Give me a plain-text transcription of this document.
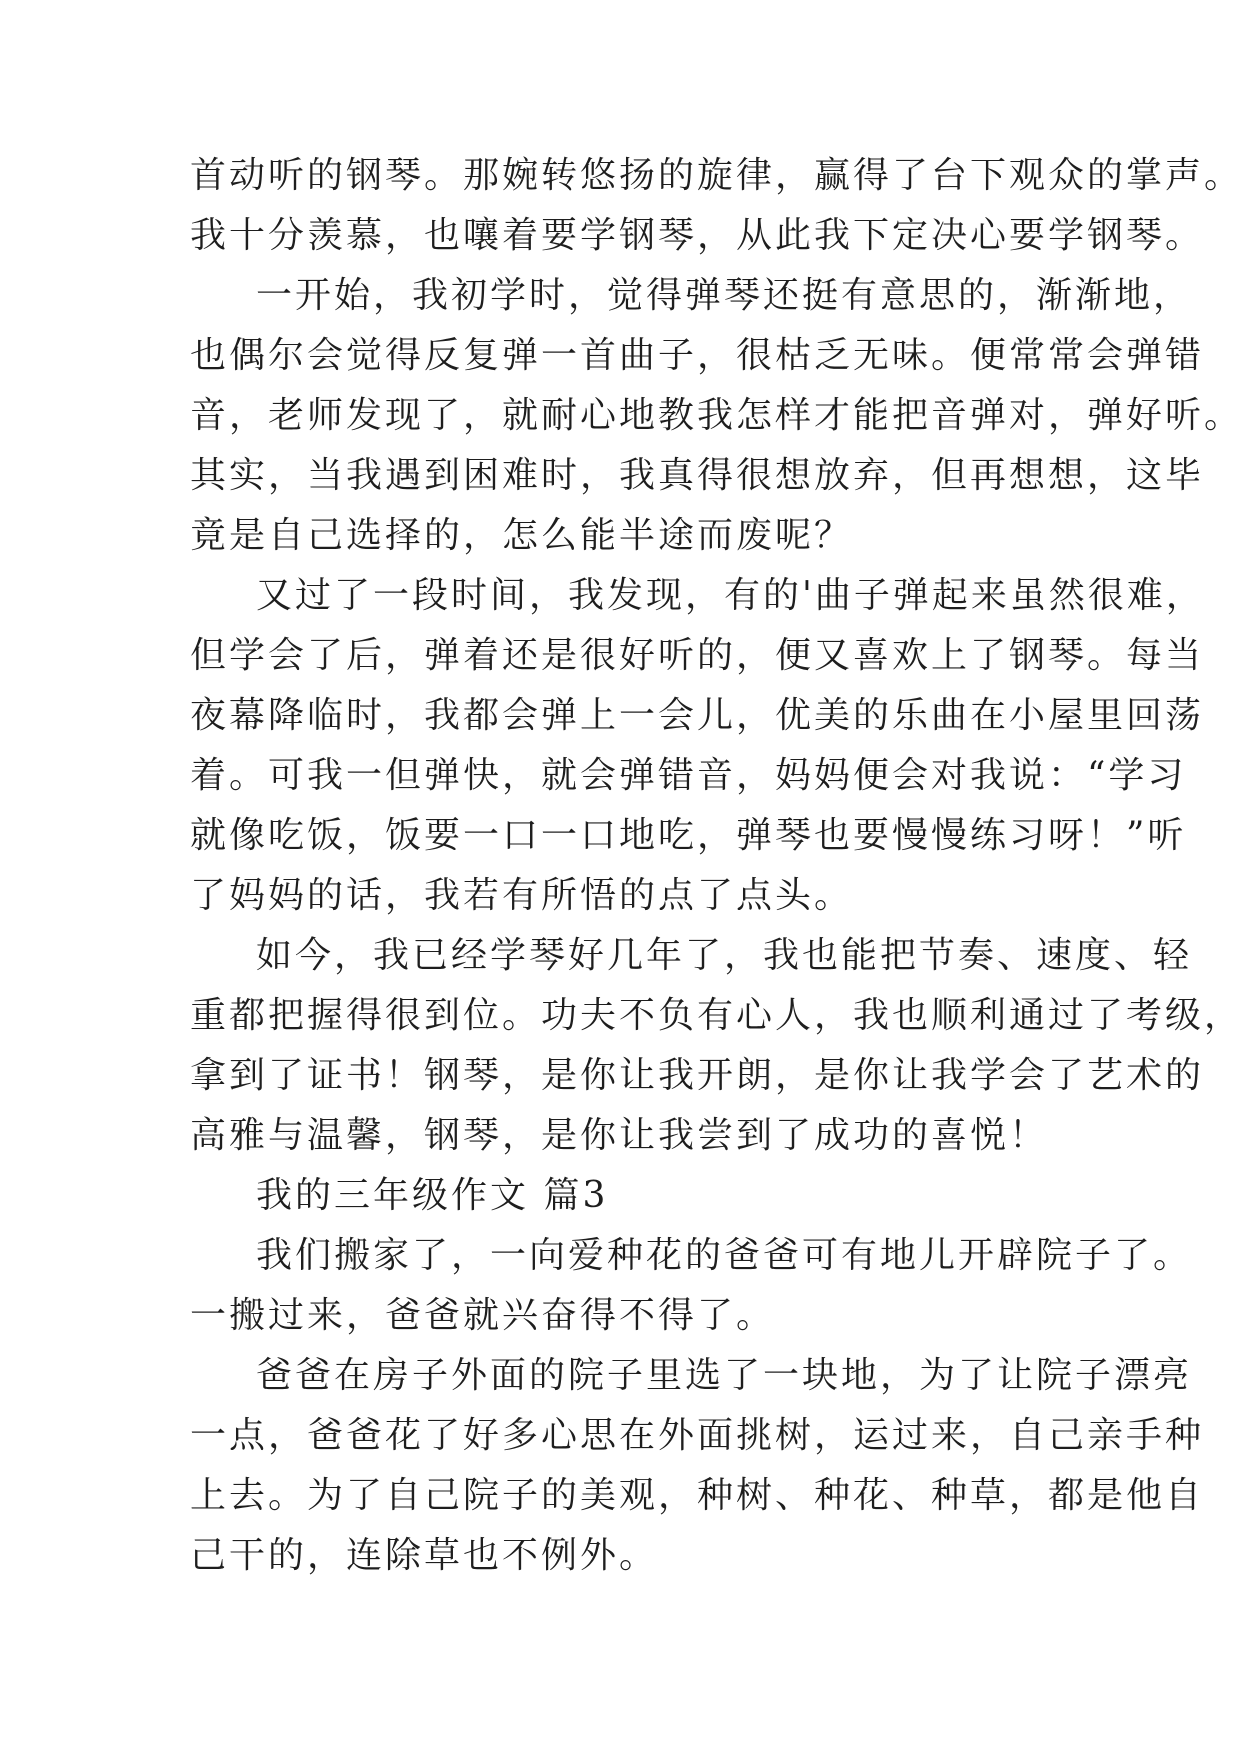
首动听的钢琴。那婉转悠扬的旋律，赢得了台下观众的掌声。
我十分羡慕，也嚷着要学钢琴，从此我下定决心要学钢琴。
一开始，我初学时，觉得弹琴还挺有意思的，渐渐地，
也偶尔会觉得反复弹一首曲子，很枯乏无味。便常常会弹错
音，老师发现了，就耐心地教我怎样才能把音弹对，弹好听。
其实，当我遇到困难时，我真得很想放弃，但再想想，这毕
竟是自己选择的，怎么能半途而废呢？
又过了一段时间，我发现，有的'曲子弹起来虽然很难，
但学会了后，弹着还是很好听的，便又喜欢上了钢琴。每当
夜幕降临时，我都会弹上一会儿，优美的乐曲在小屋里回荡
着。可我一但弹快，就会弹错音，妈妈便会对我说：“学习
就像吃饭，饭要一口一口地吃，弹琴也要慢慢练习呀！”听
了妈妈的话，我若有所悟的点了点头。
如今，我已经学琴好几年了，我也能把节奏、速度、轻
重都把握得很到位。功夫不负有心人，我也顺利通过了考级，
拿到了证书！钢琴，是你让我开朗，是你让我学会了艺术的
高雅与温馨，钢琴，是你让我尝到了成功的喜悦！
我的三年级作文 篇3
我们搬家了，一向爱种花的爸爸可有地儿开辟院子了。
一搬过来，爸爸就兴奋得不得了。
爸爸在房子外面的院子里选了一块地，为了让院子漂亮
一点，爸爸花了好多心思在外面挑树，运过来，自己亲手种
上去。为了自己院子的美观，种树、种花、种草，都是他自
己干的，连除草也不例外。
